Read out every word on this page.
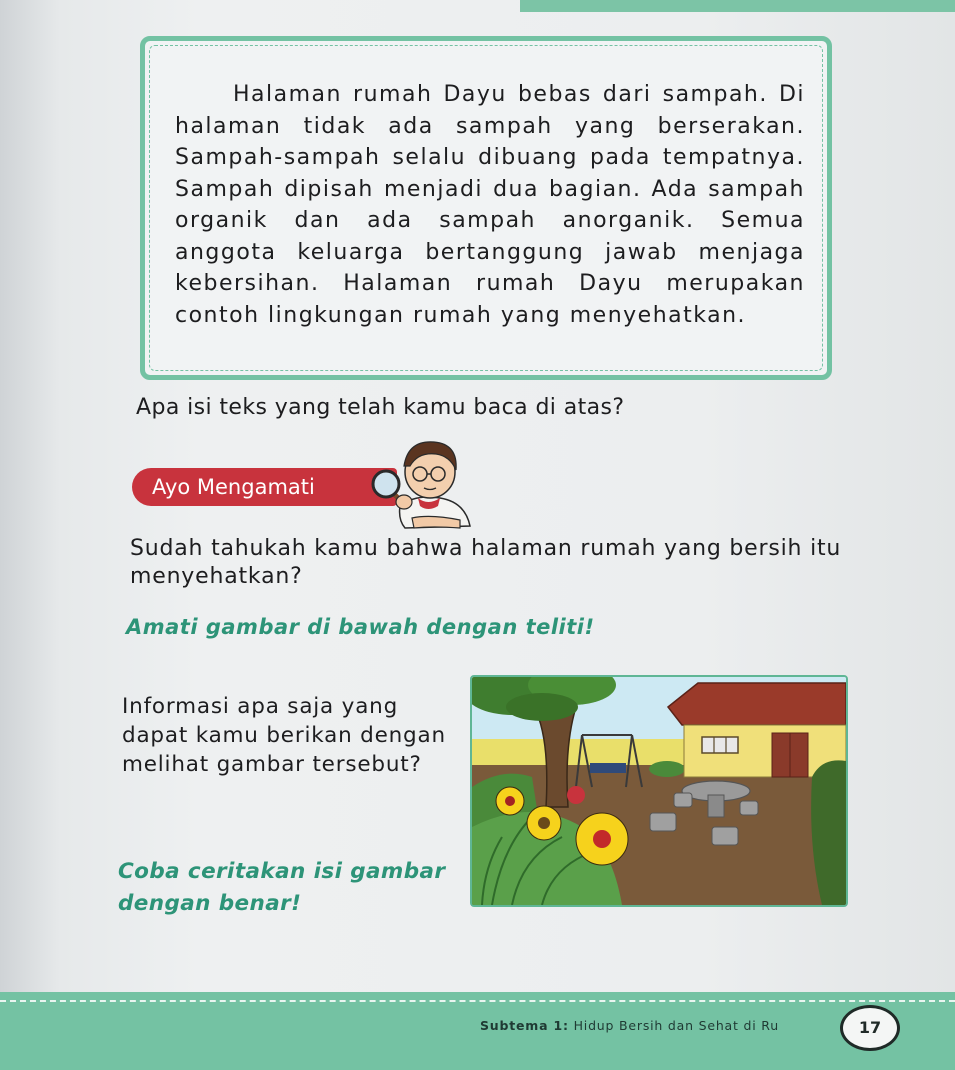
Halaman rumah Dayu bebas dari sampah. Di halaman tidak ada sampah yang berserakan. Sampah-sampah selalu dibuang pada tempatnya. Sampah dipisah menjadi dua bagian. Ada sampah organik dan ada sampah anorganik. Semua anggota keluarga bertanggung jawab menjaga kebersihan. Halaman rumah Dayu merupakan contoh lingkungan rumah yang menyehatkan.

Apa isi teks yang telah kamu baca di atas?

Ayo Mengamati

Sudah tahukah kamu bahwa halaman rumah yang bersih itu menyehatkan?

Amati gambar di bawah dengan teliti!

Informasi apa saja yang dapat kamu berikan dengan melihat gambar tersebut?

Coba ceritakan isi gambar dengan benar!

Subtema 1: Hidup Bersih dan Sehat di Ru	17
